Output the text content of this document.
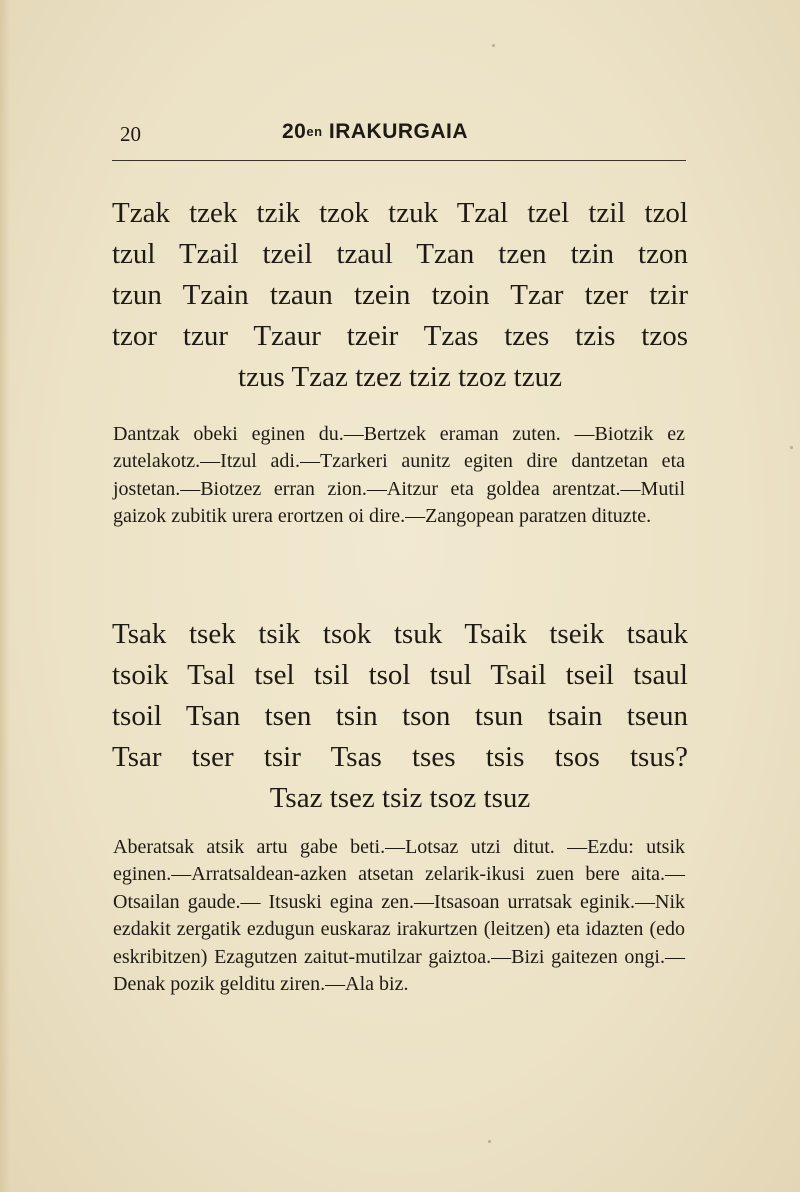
20	20en IRAKURGAIA
Tzak tzek tzik tzok tzuk Tzal tzel tzil tzol
tzul Tzail tzeil tzaul Tzan tzen tzin tzon
tzun Tzain tzaun tzein tzoin Tzar tzer tzir
tzor tzur Tzaur tzeir Tzas tzes tzis tzos
tzus Tzaz tzez tziz tzoz tzuz

Dantzak obeki eginen du.—Bertzek eraman zuten. —Biotzik ez zutelakotz.—Itzul adi.—Tzarkeri aunitz egiten dire dantzetan eta jostetan.—Biotzez erran zion.—Aitzur eta goldea arentzat.—Mutil gaizok zubitik urera erortzen oi dire.—Zangopean paratzen dituzte.

Tsak tsek tsik tsok tsuk Tsaik tseik tsauk
tsoik Tsal tsel tsil tsol tsul Tsail tseil tsaul
tsoil Tsan tsen tsin tson tsun tsain tseun
Tsar tser tsir Tsas tses tsis tsos tsus?
Tsaz tsez tsiz tsoz tsuz

Aberatsak atsik artu gabe beti.—Lotsaz utzi ditut. —Ezdu: utsik eginen.—Arratsaldean-azken atsetan zelarik-ikusi zuen bere aita.—Otsailan gaude.— Itsuski egina zen.—Itsasoan urratsak eginik.—Nik ezdakit zergatik ezdugun euskaraz irakurtzen (leitzen) eta idazten (edo eskribitzen) Ezagutzen zaitut-mutilzar gaiztoa.—Bizi gaitezen ongi.—Denak pozik gelditu ziren.—Ala biz.
